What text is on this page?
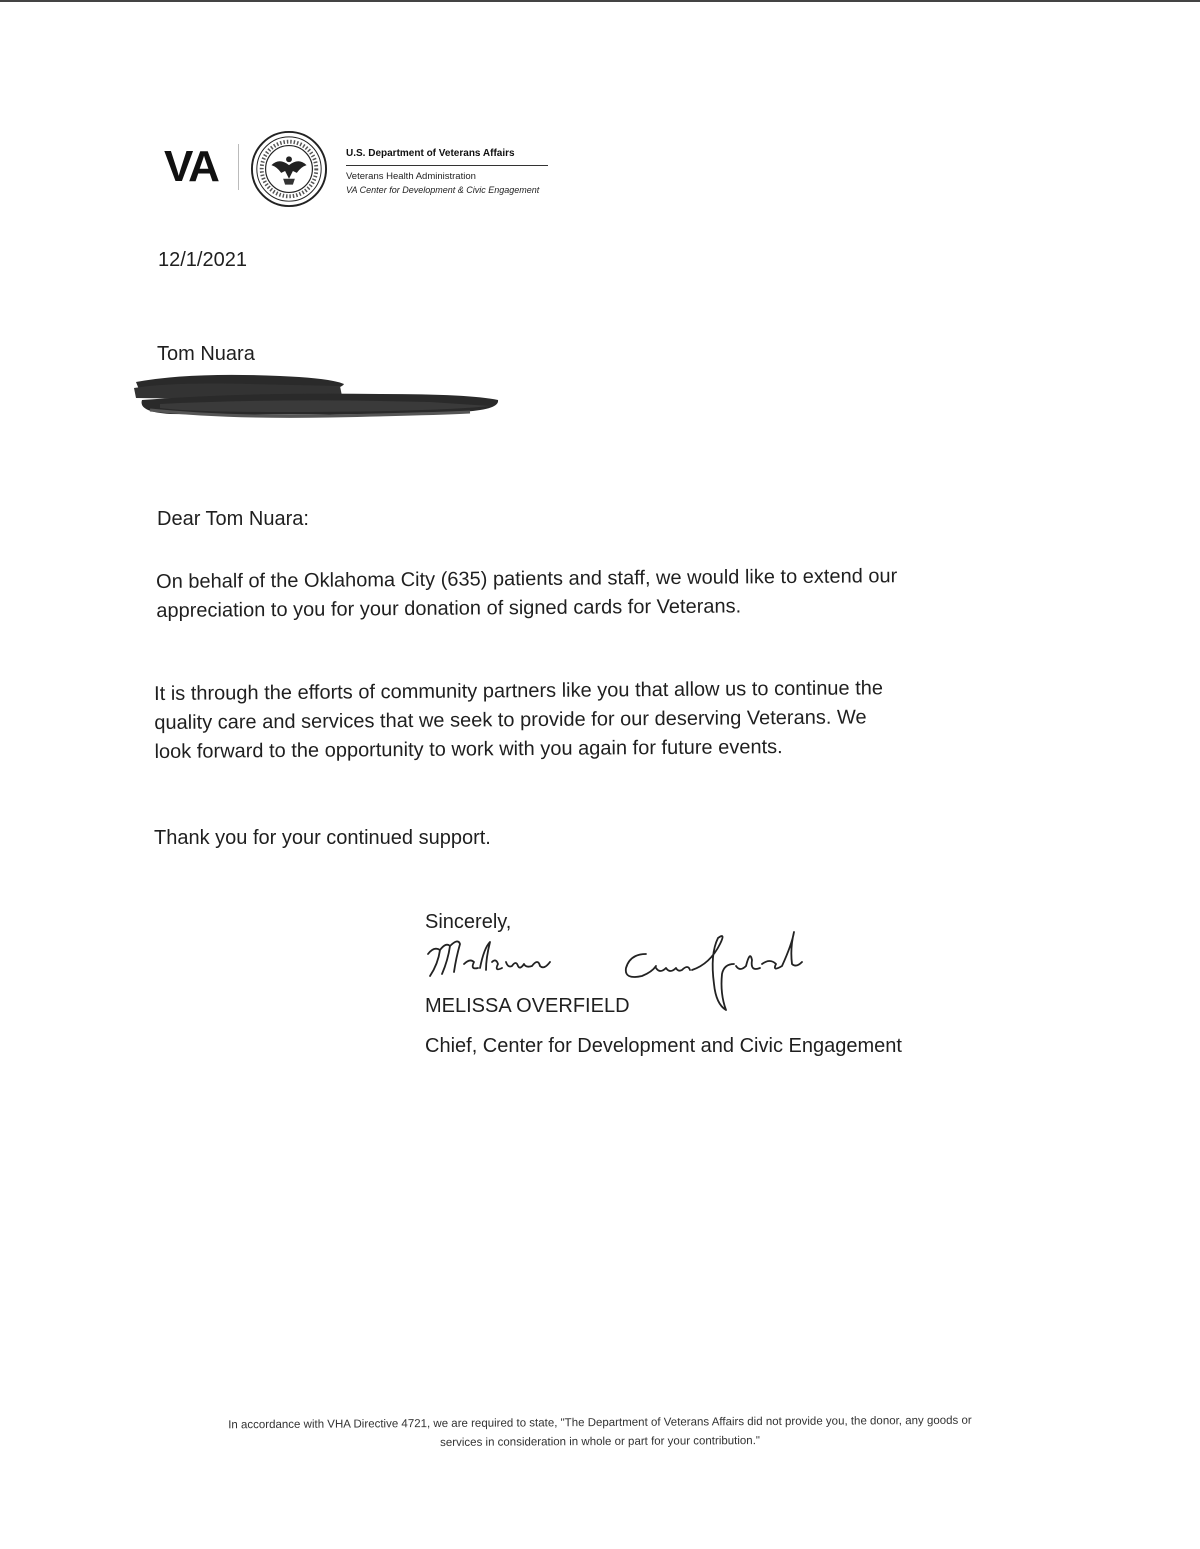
VA	U.S. Department of Veterans Affairs
Veterans Health Administration
VA Center for Development & Civic Engagement
12/1/2021
Tom Nuara
Dear Tom Nuara:
On behalf of the Oklahoma City (635) patients and staff, we would like to extend our
appreciation to you for your donation of signed cards for Veterans.
It is through the efforts of community partners like you that allow us to continue the
quality care and services that we seek to provide for our deserving Veterans. We
look forward to the opportunity to work with you again for future events.
Thank you for your continued support.
Sincerely,
MELISSA OVERFIELD
Chief, Center for Development and Civic Engagement
In accordance with VHA Directive 4721, we are required to state, "The Department of Veterans Affairs did not provide you, the donor, any goods or
services in consideration in whole or part for your contribution."
